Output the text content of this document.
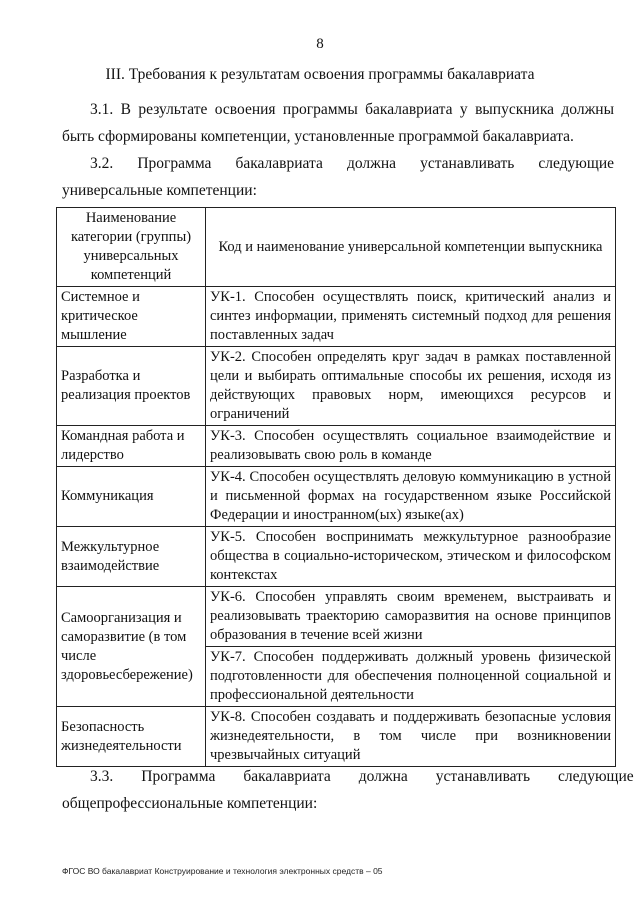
8
III. Требования к результатам освоения программы бакалавриата

3.1. В результате освоения программы бакалавриата у выпускника должны быть сформированы компетенции, установленные программой бакалавриата.

3.2. Программа бакалавриата должна устанавливать следующие универсальные компетенции:

Наименование категории (группы) универсальных компетенций	Код и наименование универсальной компетенции выпускника
Системное и критическое мышление	УК-1. Способен осуществлять поиск, критический анализ и синтез информации, применять системный подход для решения поставленных задач
Разработка и реализация проектов	УК-2. Способен определять круг задач в рамках поставленной цели и выбирать оптимальные способы их решения, исходя из действующих правовых норм, имеющихся ресурсов и ограничений
Командная работа и лидерство	УК-3. Способен осуществлять социальное взаимодействие и реализовывать свою роль в команде
Коммуникация	УК-4. Способен осуществлять деловую коммуникацию в устной и письменной формах на государственном языке Российской Федерации и иностранном(ых) языке(ах)
Межкультурное взаимодействие	УК-5. Способен воспринимать межкультурное разнообразие общества в социально-историческом, этическом и философском контекстах
Самоорганизация и саморазвитие (в том числе здоровьесбережение)	УК-6. Способен управлять своим временем, выстраивать и реализовывать траекторию саморазвития на основе принципов образования в течение всей жизни
	УК-7. Способен поддерживать должный уровень физической подготовленности для обеспечения полноценной социальной и профессиональной деятельности
Безопасность жизнедеятельности	УК-8. Способен создавать и поддерживать безопасные условия жизнедеятельности, в том числе при возникновении чрезвычайных ситуаций
3.3.	Программа	бакалавриата	должна	устанавливать	следующие
общепрофессиональные компетенции:
ФГОС ВО бакалавриат Конструирование и технология электронных средств – 05
